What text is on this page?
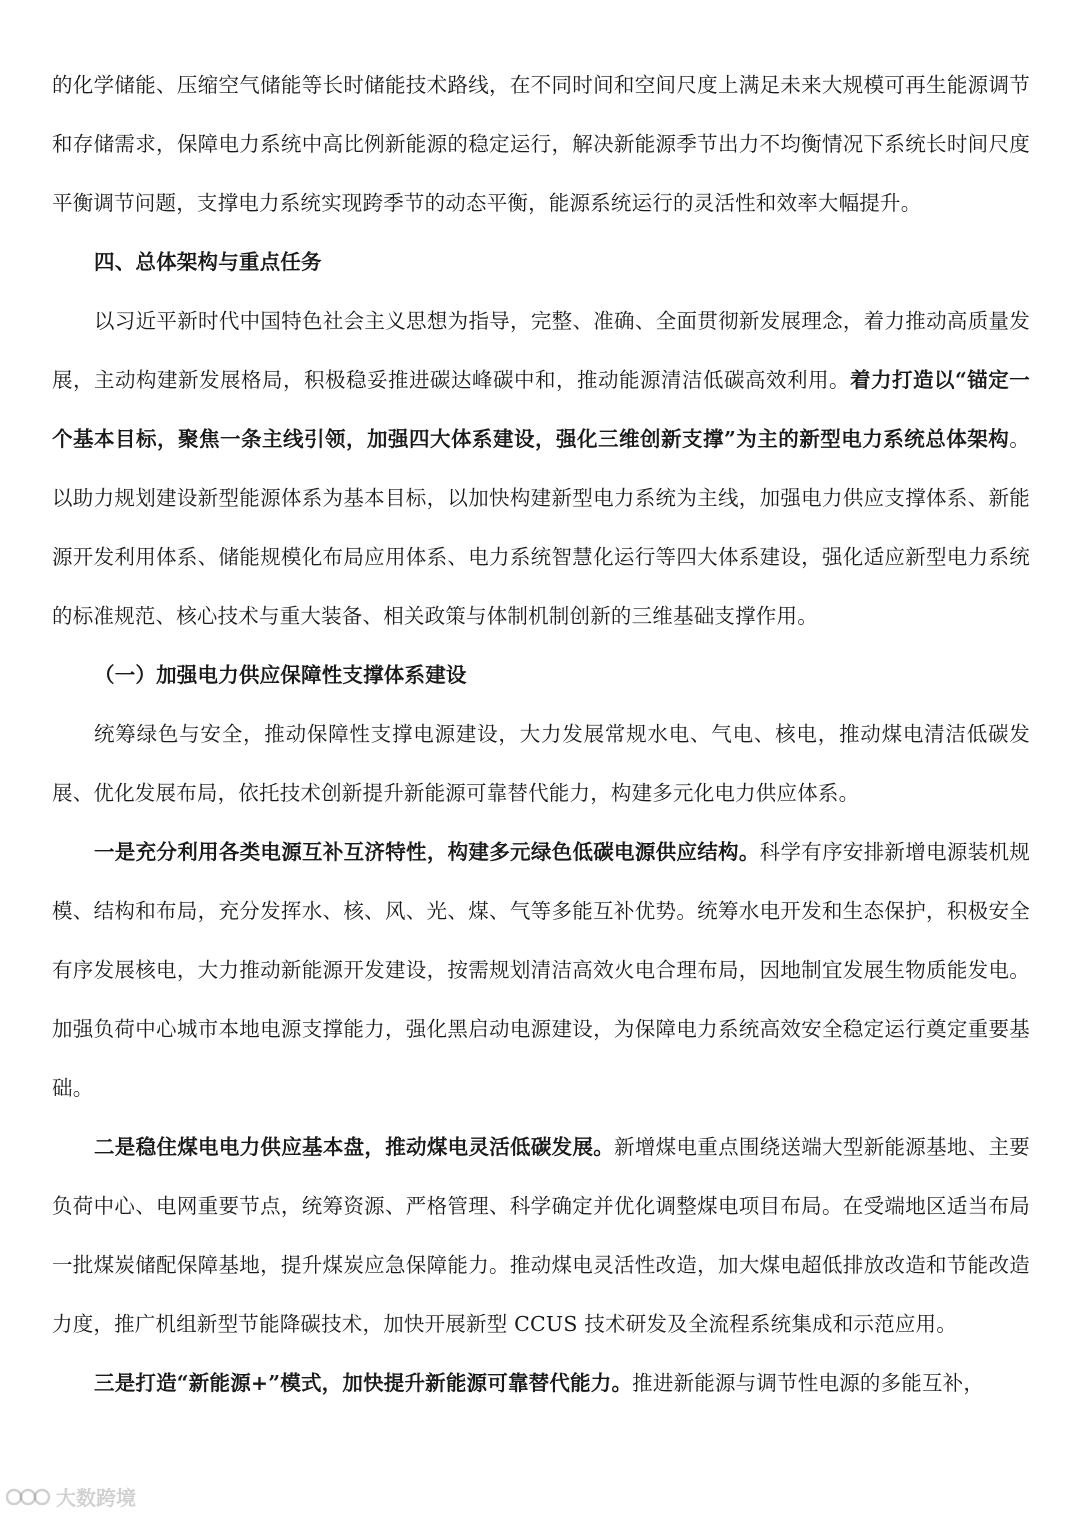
的化学储能、压缩空气储能等长时储能技术路线，在不同时间和空间尺度上满足未来大规模可再生能源调节和存储需求，保障电力系统中高比例新能源的稳定运行，解决新能源季节出力不均衡情况下系统长时间尺度平衡调节问题，支撑电力系统实现跨季节的动态平衡，能源系统运行的灵活性和效率大幅提升。

四、总体架构与重点任务

以习近平新时代中国特色社会主义思想为指导，完整、准确、全面贯彻新发展理念，着力推动高质量发展，主动构建新发展格局，积极稳妥推进碳达峰碳中和，推动能源清洁低碳高效利用。着力打造以“锚定一个基本目标，聚焦一条主线引领，加强四大体系建设，强化三维创新支撑”为主的新型电力系统总体架构。以助力规划建设新型能源体系为基本目标，以加快构建新型电力系统为主线，加强电力供应支撑体系、新能源开发利用体系、储能规模化布局应用体系、电力系统智慧化运行等四大体系建设，强化适应新型电力系统的标准规范、核心技术与重大装备、相关政策与体制机制创新的三维基础支撑作用。

（一）加强电力供应保障性支撑体系建设

统筹绿色与安全，推动保障性支撑电源建设，大力发展常规水电、气电、核电，推动煤电清洁低碳发展、优化发展布局，依托技术创新提升新能源可靠替代能力，构建多元化电力供应体系。

一是充分利用各类电源互补互济特性，构建多元绿色低碳电源供应结构。科学有序安排新增电源装机规模、结构和布局，充分发挥水、核、风、光、煤、气等多能互补优势。统筹水电开发和生态保护，积极安全有序发展核电，大力推动新能源开发建设，按需规划清洁高效火电合理布局，因地制宜发展生物质能发电。加强负荷中心城市本地电源支撑能力，强化黑启动电源建设，为保障电力系统高效安全稳定运行奠定重要基础。

二是稳住煤电电力供应基本盘，推动煤电灵活低碳发展。新增煤电重点围绕送端大型新能源基地、主要负荷中心、电网重要节点，统筹资源、严格管理、科学确定并优化调整煤电项目布局。在受端地区适当布局一批煤炭储配保障基地，提升煤炭应急保障能力。推动煤电灵活性改造，加大煤电超低排放改造和节能改造力度，推广机组新型节能降碳技术，加快开展新型 CCUS 技术研发及全流程系统集成和示范应用。

三是打造“新能源+”模式，加快提升新能源可靠替代能力。推进新能源与调节性电源的多能互补，

大数跨境
